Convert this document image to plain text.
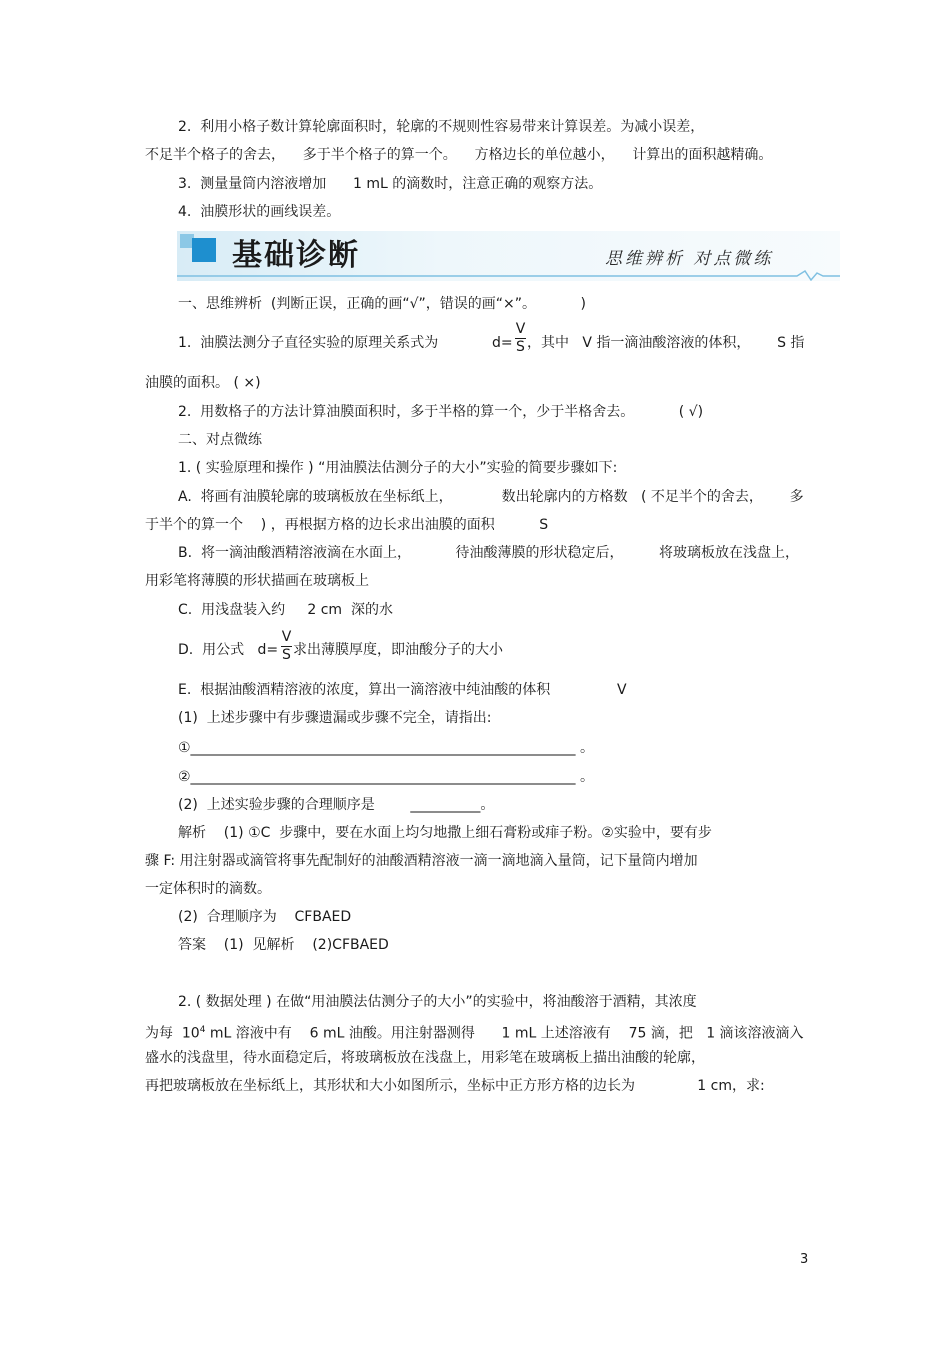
2.  利用小格子数计算轮廓面积时，轮廓的不规则性容易带来计算误差。为减小误差，
不足半个格子的舍去，    多于半个格子的算一个。    方格边长的单位越小，    计算出的面积越精确。
3.  测量量筒内溶液增加      1 mL 的滴数时，注意正确的观察方法。
4.  油膜形状的画线误差。
基础诊断	思维辨析 对点微练
一、思维辨析  (判断正误，正确的画“√”，错误的画“×”。          )
1.  油膜法测分子直径实验的原理关系式为	d=
V
S ，其中   V 指一滴油酸溶液的体积，      S 指
油膜的面积。 ( ×)
2.  用数格子的方法计算油膜面积时，多于半格的算一个，少于半格舍去。          ( √)
二、对点微练
1. ( 实验原理和操作 ) “用油膜法估测分子的大小”实验的简要步骤如下:
A.  将画有油膜轮廓的玻璃板放在坐标纸上，           数出轮廓内的方格数   ( 不足半个的舍去，      多
于半个的算一个    ) ，再根据方格的边长求出油膜的面积          S
B.  将一滴油酸酒精溶液滴在水面上，          待油酸薄膜的形状稳定后，        将玻璃板放在浅盘上，
用彩笔将薄膜的形状描画在玻璃板上
C.  用浅盘装入约     2 cm  深的水
D.  用公式   d=
V
S 求出薄膜厚度，即油酸分子的大小
E.  根据油酸酒精溶液的浓度，算出一滴溶液中纯油酸的体积               V
(1)  上述步骤中有步骤遗漏或步骤不完全，请指出:
①_______________________________________________________ 。
②_______________________________________________________ 。
(2)  上述实验步骤的合理顺序是        __________。
解析    (1) ①C  步骤中，要在水面上均匀地撒上细石膏粉或痱子粉。②实验中，要有步
骤 F: 用注射器或滴管将事先配制好的油酸酒精溶液一滴一滴地滴入量筒，记下量筒内增加
一定体积时的滴数。
(2)  合理顺序为    CFBAED
答案    (1)  见解析    (2)CFBAED
2. ( 数据处理 ) 在做“用油膜法估测分子的大小”的实验中，将油酸溶于酒精，其浓度
为每  $10^4$ mL 溶液中有    6 mL 油酸。用注射器测得      1 mL 上述溶液有    75 滴，把   1 滴该溶液滴入
盛水的浅盘里，待水面稳定后，将玻璃板放在浅盘上，用彩笔在玻璃板上描出油酸的轮廓，
再把玻璃板放在坐标纸上，其形状和大小如图所示，坐标中正方形方格的边长为              1 cm，求:
3
